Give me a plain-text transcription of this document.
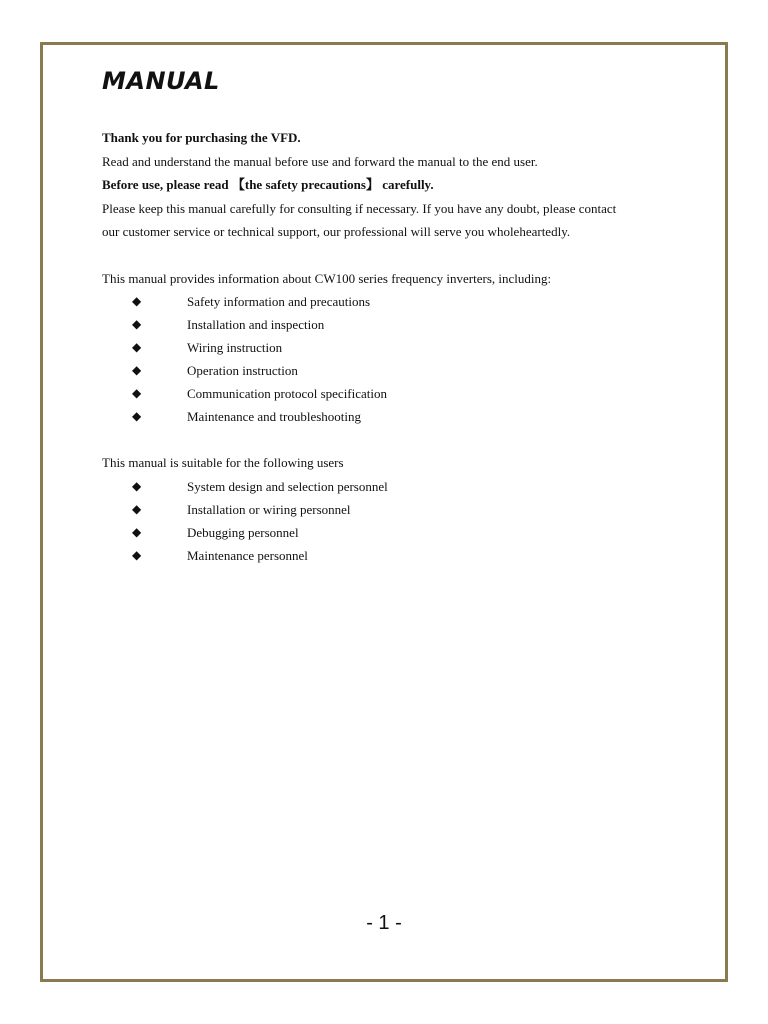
MANUAL
Thank you for purchasing the VFD.
Read and understand the manual before use and forward the manual to the end user.
Before use, please read 【the safety precautions】 carefully.
Please keep this manual carefully for consulting if necessary. If you have any doubt, please contact
our customer service or technical support, our professional will serve you wholeheartedly.
This manual provides information about CW100 series frequency inverters, including:
◆	Safety information and precautions
◆	Installation and inspection
◆	Wiring instruction
◆	Operation instruction
◆	Communication protocol specification
◆	Maintenance and troubleshooting
This manual is suitable for the following users
◆	System design and selection personnel
◆	Installation or wiring personnel
◆	Debugging personnel
◆	Maintenance personnel
- 1 -
